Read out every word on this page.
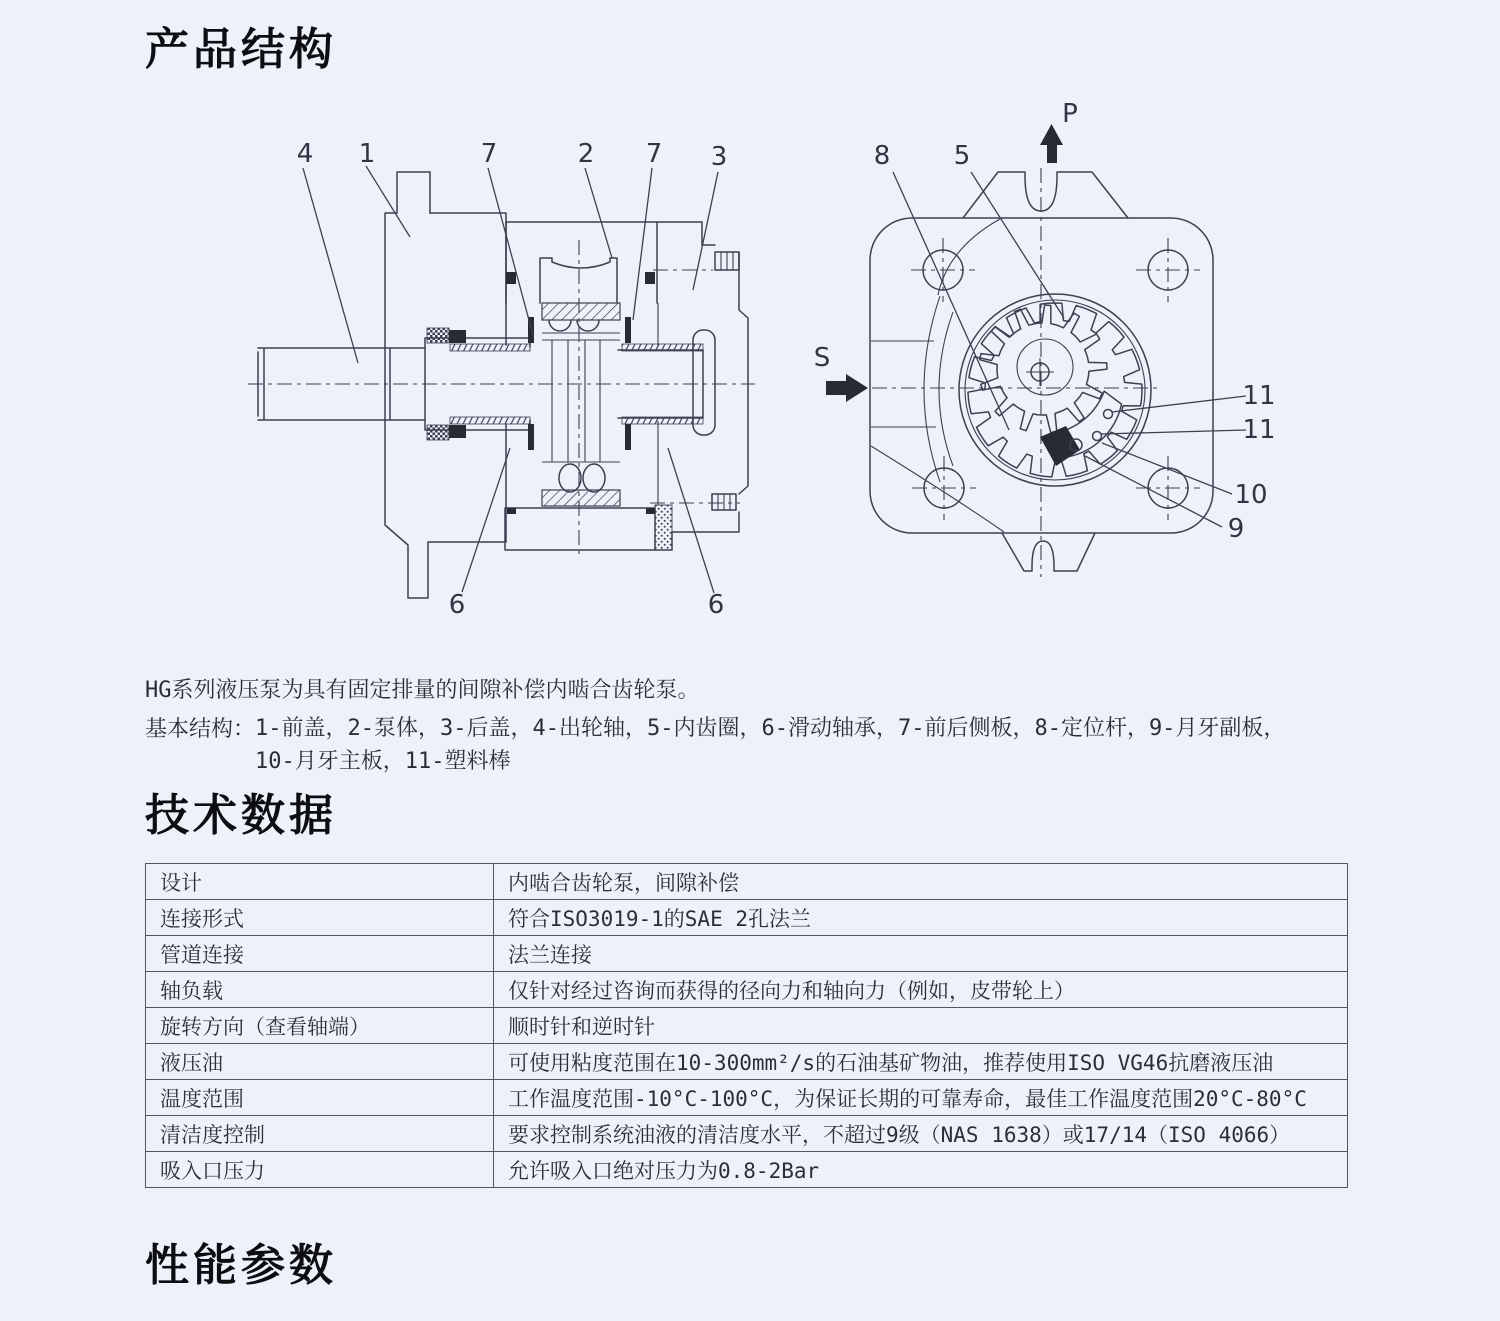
产品结构
4 1	7	2 7 3
6	6
8 5
11
11
10
9
P
S

HG系列液压泵为具有固定排量的间隙补偿内啮合齿轮泵。

基本结构： 1-前盖，2-泵体，3-后盖，4-出轮轴，5-内齿圈，6-滑动轴承，7-前后侧板，8-定位杆，9-月牙副板，
10-月牙主板，11-塑料棒
技术数据
设计	内啮合齿轮泵，间隙补偿
连接形式	符合ISO3019-1的SAE 2孔法兰
管道连接	法兰连接
轴负载	仅针对经过咨询而获得的径向力和轴向力（例如，皮带轮上）
旋转方向（查看轴端）	顺时针和逆时针
液压油	可使用粘度范围在10-300mm²/s的石油基矿物油，推荐使用ISO VG46抗磨液压油
温度范围	工作温度范围-10°C-100°C，为保证长期的可靠寿命，最佳工作温度范围20°C-80°C
清洁度控制	要求控制系统油液的清洁度水平，不超过9级（NAS 1638）或17/14（ISO 4066）
吸入口压力	允许吸入口绝对压力为0.8-2Bar
性能参数
